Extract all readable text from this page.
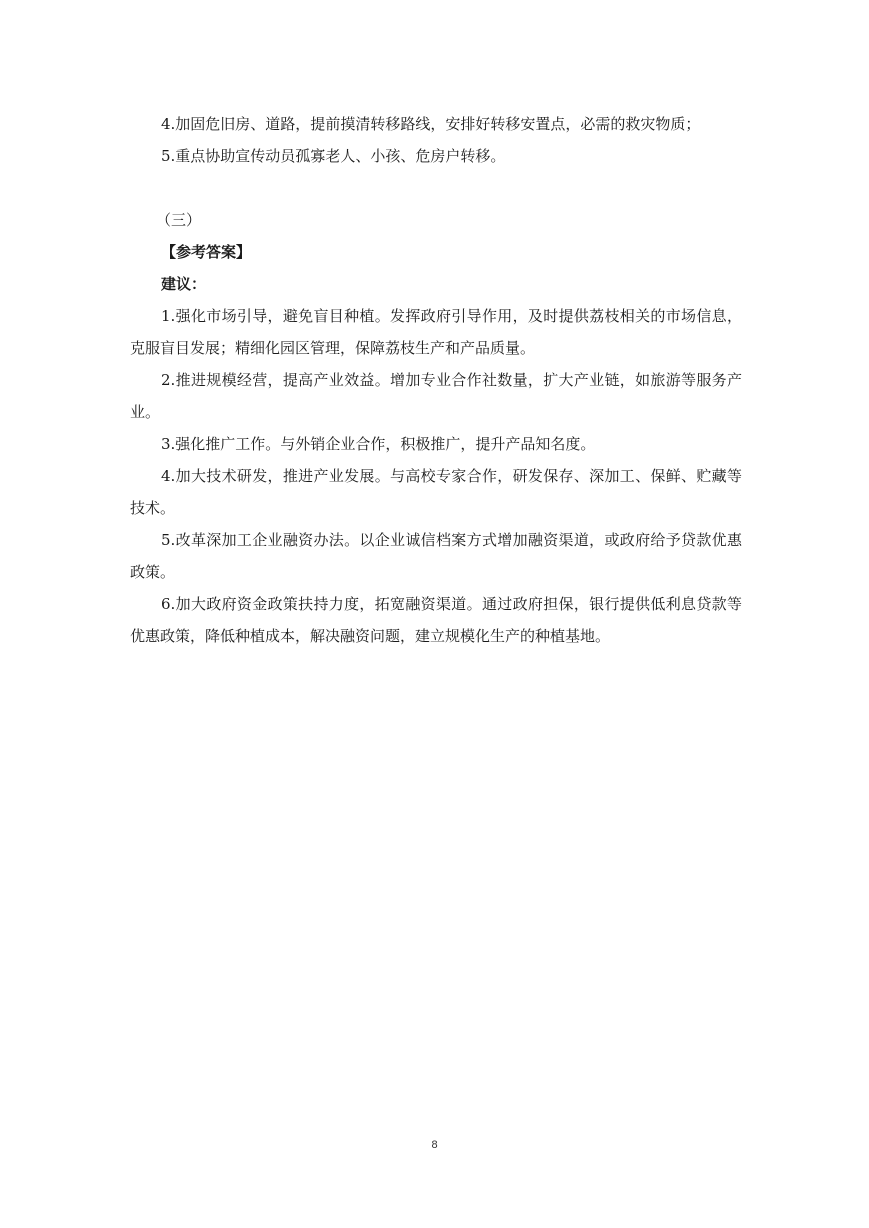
4.加固危旧房、道路，提前摸清转移路线，安排好转移安置点，必需的救灾物质；

5.重点协助宣传动员孤寡老人、小孩、危房户转移。

（三）

【参考答案】

建议：

1.强化市场引导，避免盲目种植。发挥政府引导作用，及时提供荔枝相关的市场信息，克服盲目发展；精细化园区管理，保障荔枝生产和产品质量。

2.推进规模经营，提高产业效益。增加专业合作社数量，扩大产业链，如旅游等服务产业。

3.强化推广工作。与外销企业合作，积极推广，提升产品知名度。

4.加大技术研发，推进产业发展。与高校专家合作，研发保存、深加工、保鲜、贮藏等技术。

5.改革深加工企业融资办法。以企业诚信档案方式增加融资渠道，或政府给予贷款优惠政策。

6.加大政府资金政策扶持力度，拓宽融资渠道。通过政府担保，银行提供低利息贷款等优惠政策，降低种植成本，解决融资问题，建立规模化生产的种植基地。

8
